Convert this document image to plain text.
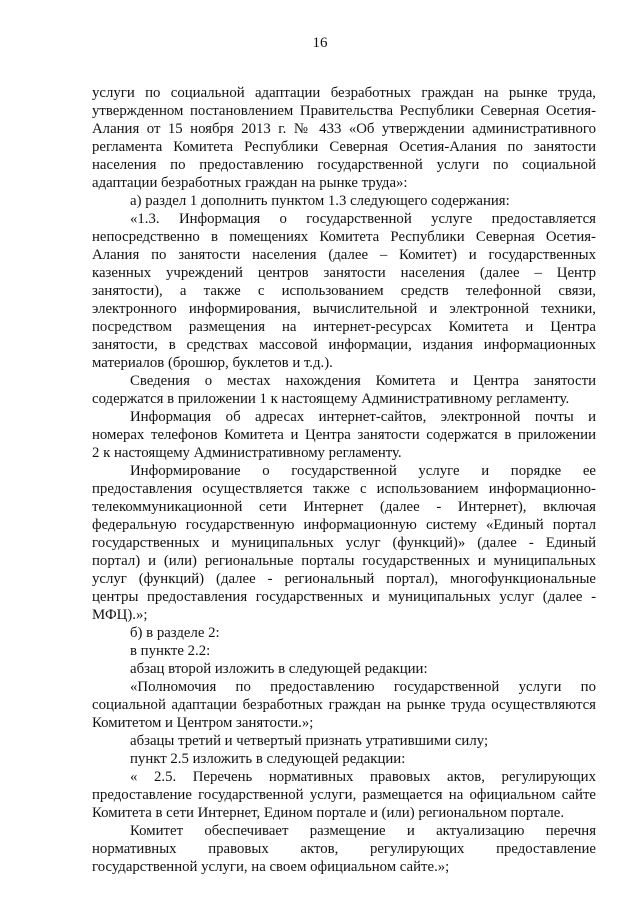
16
услуги по социальной адаптации безработных граждан на рынке труда,
утвержденном постановлением Правительства Республики Северная Осетия-
Алания от 15 ноября 2013 г. № 433 «Об утверждении административного
регламента Комитета Республики Северная Осетия-Алания по занятости
населения по предоставлению государственной услуги по социальной
адаптации безработных граждан на рынке труда»:
а) раздел 1 дополнить пунктом 1.3 следующего содержания:
«1.3. Информация о государственной услуге предоставляется
непосредственно в помещениях Комитета Республики Северная Осетия-
Алания по занятости населения (далее – Комитет) и государственных
казенных учреждений центров занятости населения (далее – Центр
занятости), а также с использованием средств телефонной связи,
электронного информирования, вычислительной и электронной техники,
посредством размещения на интернет-ресурсах Комитета и Центра
занятости, в средствах массовой информации, издания информационных
материалов (брошюр, буклетов и т.д.).
Сведения о местах нахождения Комитета и Центра занятости
содержатся в приложении 1 к настоящему Административному регламенту.
Информация об адресах интернет-сайтов, электронной почты и
номерах телефонов Комитета и Центра занятости содержатся в приложении
2 к настоящему Административному регламенту.
Информирование о государственной услуге и порядке ее
предоставления осуществляется также с использованием информационно-
телекоммуникационной сети Интернет (далее - Интернет), включая
федеральную государственную информационную систему «Единый портал
государственных и муниципальных услуг (функций)» (далее - Единый
портал) и (или) региональные порталы государственных и муниципальных
услуг (функций) (далее - региональный портал), многофункциональные
центры предоставления государственных и муниципальных услуг (далее -
МФЦ).»;
б) в разделе 2:
в пункте 2.2:
абзац второй изложить в следующей редакции:
«Полномочия по предоставлению государственной услуги по
социальной адаптации безработных граждан на рынке труда осуществляются
Комитетом и Центром занятости.»;
абзацы третий и четвертый признать утратившими силу;
пункт 2.5 изложить в следующей редакции:
« 2.5. Перечень нормативных правовых актов, регулирующих
предоставление государственной услуги, размещается на официальном сайте
Комитета в сети Интернет, Едином портале и (или) региональном портале.
Комитет обеспечивает размещение и актуализацию перечня
нормативных правовых актов, регулирующих предоставление
государственной услуги, на своем официальном сайте.»;
